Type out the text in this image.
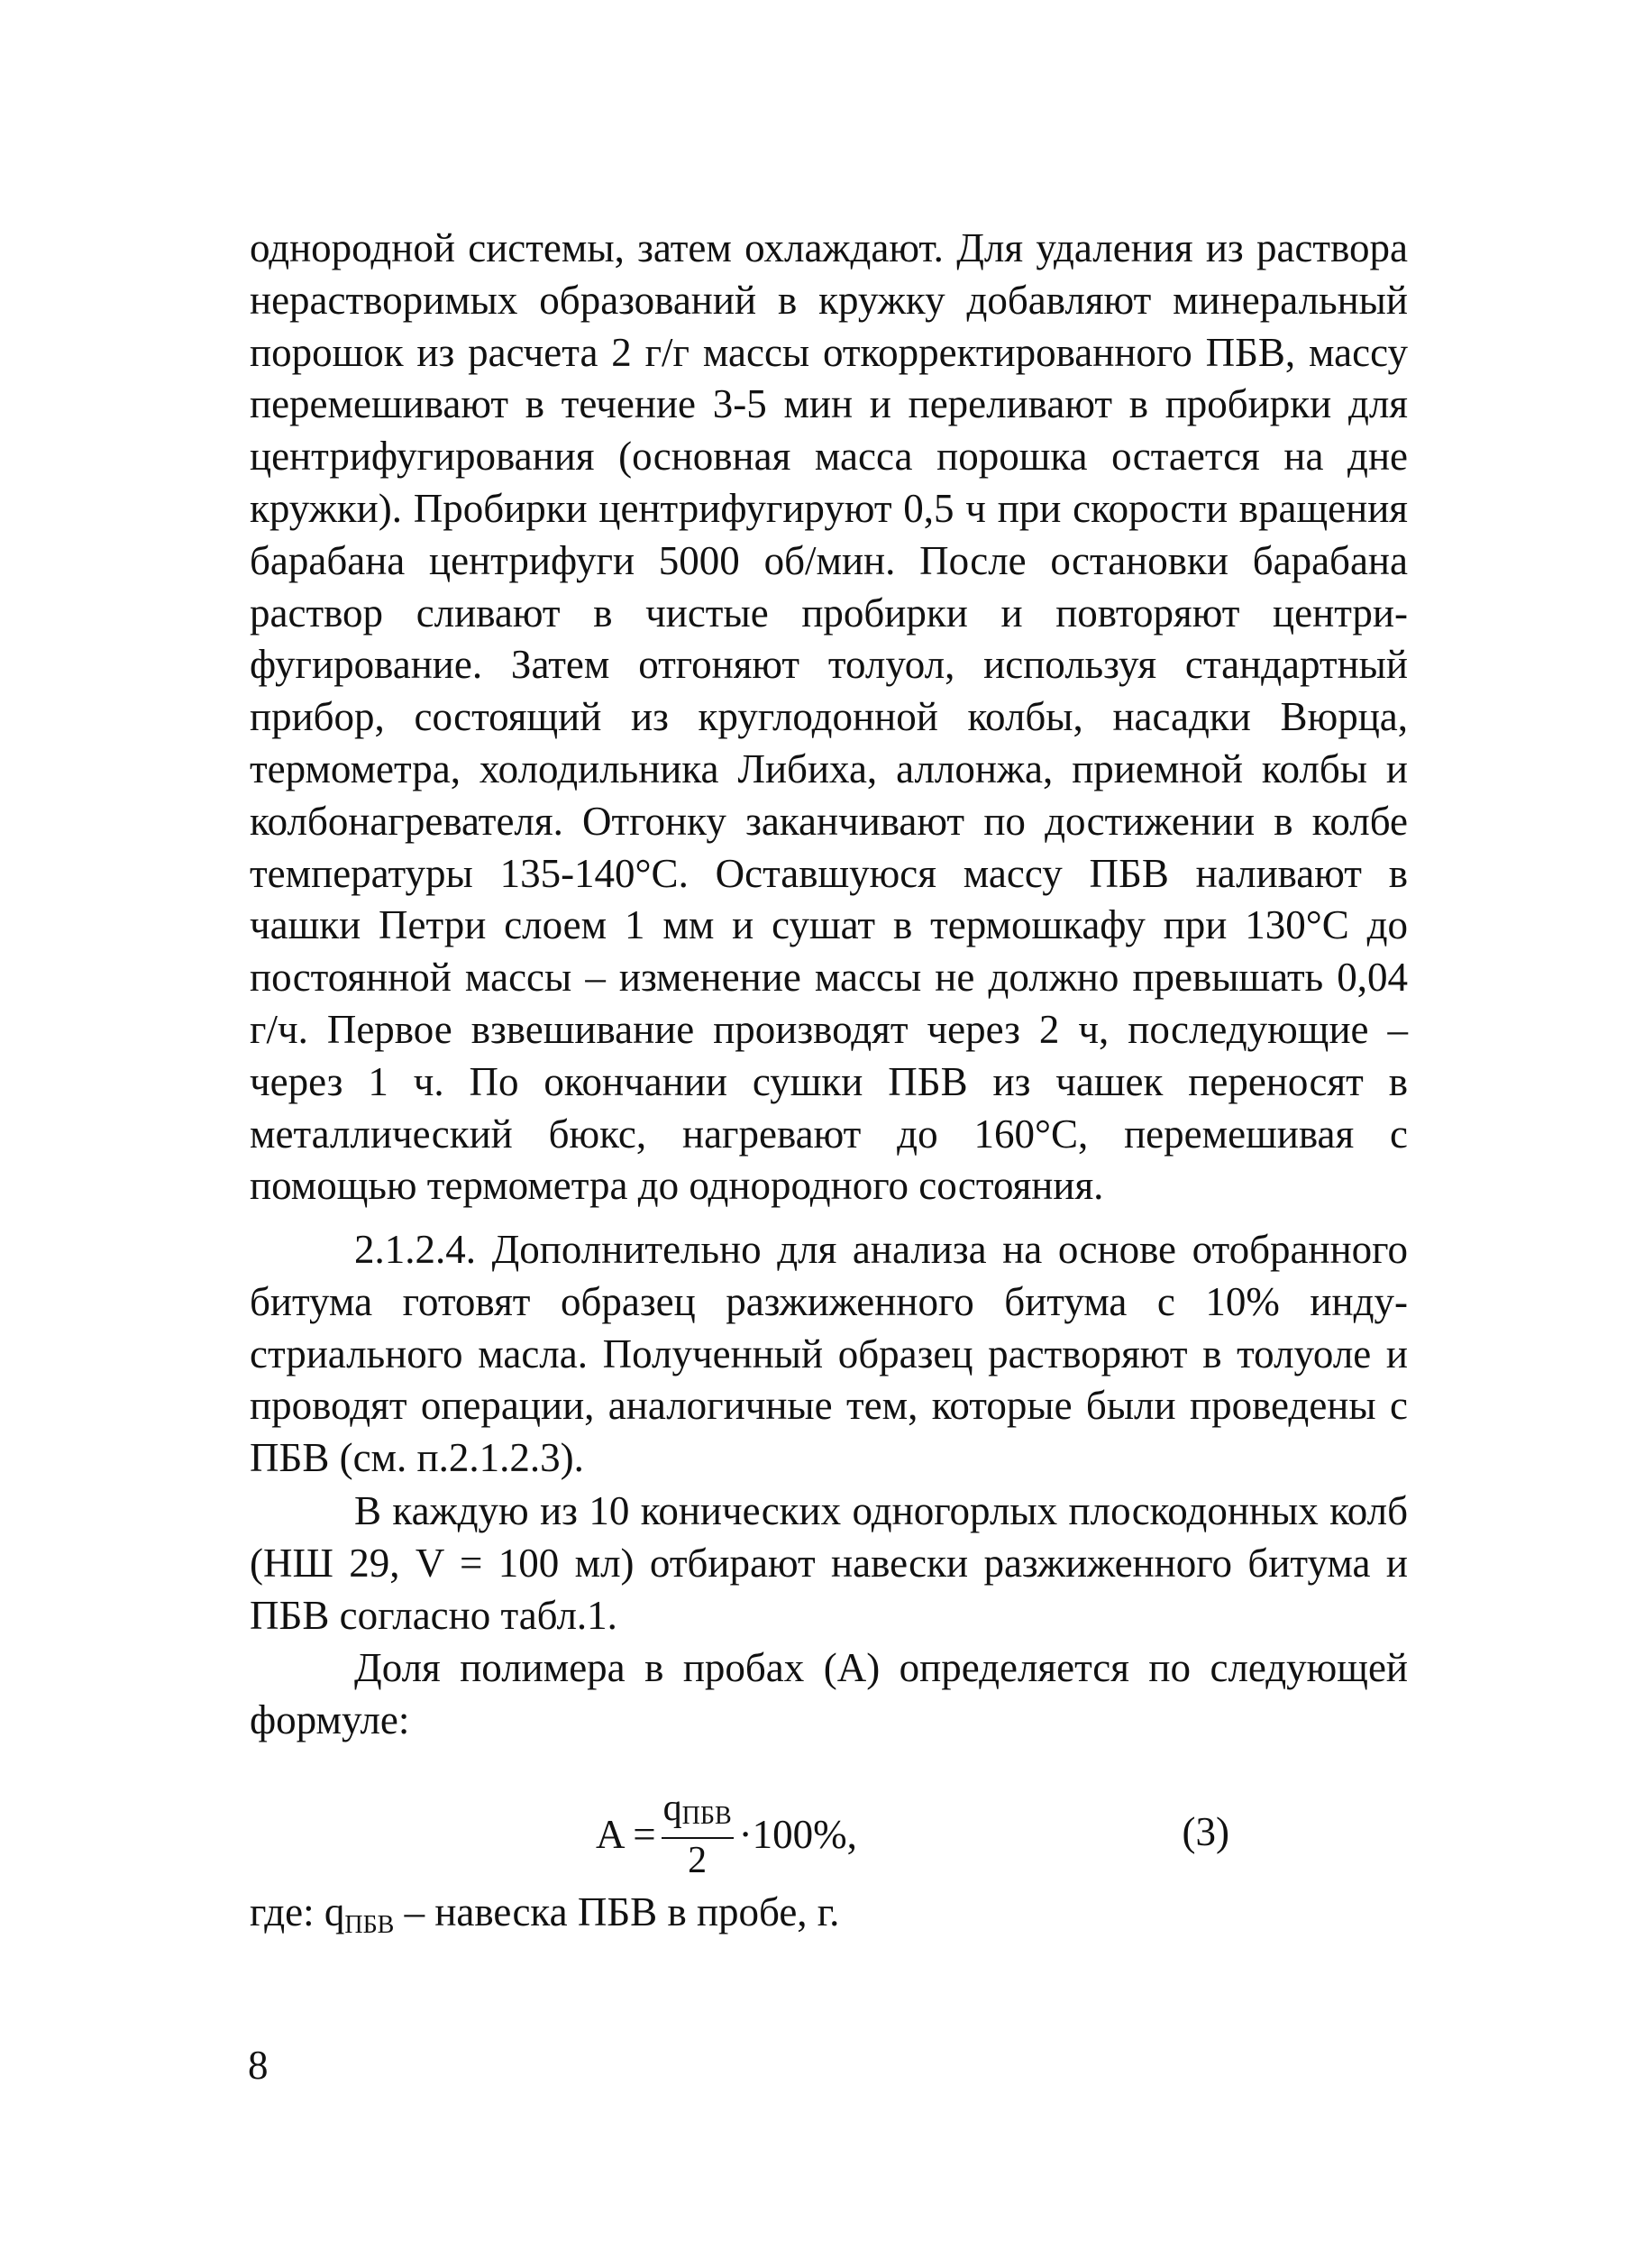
однородной системы, затем охлаждают. Для удаления из раствора нерастворимых образований в кружку добавляют минеральный порошок из расчета 2 г/г массы откорректированного ПБВ, массу перемешивают в течение 3-5 мин и переливают в пробирки для центрифугирования (основная масса порошка остается на дне кружки). Пробирки центрифугируют 0,5 ч при скорости вращения барабана центрифуги 5000 об/мин. После остановки барабана раствор сливают в чистые пробирки и повторяют центрифугирование. Затем отгоняют толуол, используя стандартный прибор, состоящий из круглодонной колбы, насадки Вюрца, термометра, холодильника Либиха, аллонжа, приемной колбы и колбонагревателя. Отгонку заканчивают по достижении в колбе температуры 135-140°С. Оставшуюся массу ПБВ наливают в чашки Петри слоем 1 мм и сушат в термошкафу при 130°С до постоянной массы – изменение массы не должно превышать 0,04 г/ч. Первое взвешивание производят через 2 ч, последующие – через 1 ч. По окончании сушки ПБВ из чашек переносят в металлический бюкс, нагревают до 160°С, перемешивая с помощью термометра до однородного состояния.

2.1.2.4. Дополнительно для анализа на основе отобранного битума готовят образец разжиженного битума с 10% индустриального масла. Полученный образец растворяют в толуоле и проводят операции, аналогичные тем, которые были проведены с ПБВ (см. п.2.1.2.3).

В каждую из 10 конических одногорлых плоскодонных колб (НШ 29, V = 100 мл) отбирают навески разжиженного битума и ПБВ согласно табл.1.

Доля полимера в пробах (А) определяется по следующей формуле:

$A = \frac{\text{qПБВ}}{2} \cdot 100\%$,	(3)
где: $q_{ПБВ}$ – навеска ПБВ в пробе, г.
8
